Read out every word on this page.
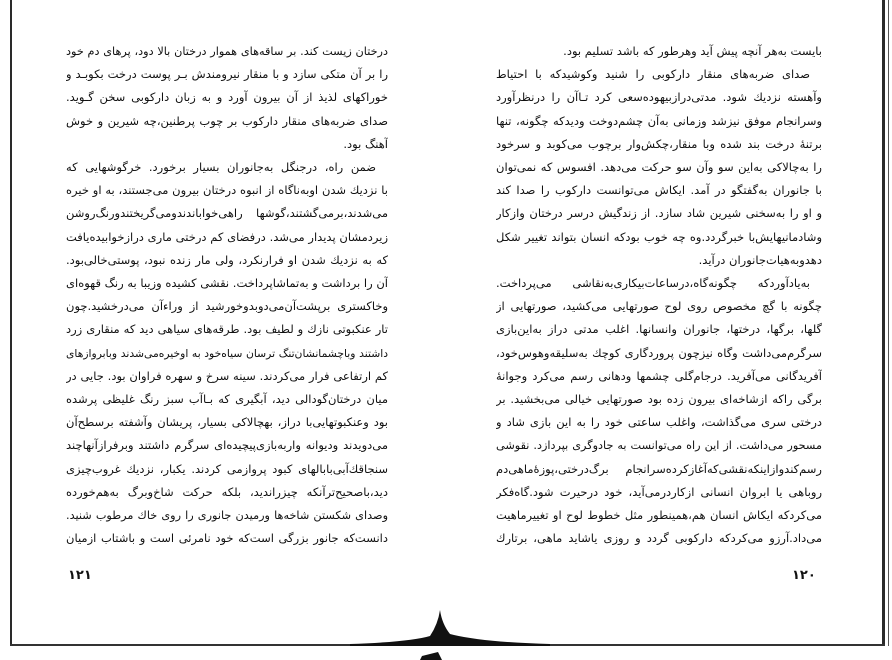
درختان زیست کند. بر ساقه‌های هموار درختان بالا دود، پرهای دم خود
را بر آن متکی سازد و با منقار نیرومندش بـر پوست درخت بکوبـد و
خوراکهای لذیذ از آن بیرون آورد و به زبان دارکوبی سخن گـوید.
صدای ضربه‌های منقار دارکوب بر چوب پرطنین،چه شیرین و خوش
آهنگ بود.
ضمن راه، درجنگل به‌جانوران بسیار برخورد. خرگوشهایی که
با نزدیك شدن اوبه‌ناگاه از انبوه درختان بیرون می‌جستند، به او خیره
می‌شدند،برمی‌گشتند،گوشها راهی‌خواباندندومی‌گریختندورنگ‌روشن
زیر‌دمشان پدیدار می‌شد. درفضای کم درختی ماری درازخوابیده‌یافت
که به نزدیك شدن او فرارنکرد، ولی مار زنده نبود، پوستی‌خالی‌بود.
آن را برداشت و به‌تماشاپرداخت. نقشی کشیده وزیبا به رنگ قهوه‌ای
وخاکستری برپشت‌آن‌می‌دوبدوخورشید از وراءآن می‌درخشید.چون
تار عنکبوتی نازك و لطیف بود. طرقه‌های سیاهی دید که منقاری زرد
داشتند وباچشمانشان‌تنگ ترسان سیاه‌خود به اوخیره‌می‌شدند وبابرو‌ازهای
کم ارتفاعی فرار می‌کردند. سینه سرخ و سهره فراوان بود. جایی در
میان درختان‌گودالی دید، آبگیری که بـاآب سبز رنگ غلیظی پرشده
بود وعنکبوتهایی‌با دراز، بهچالاکی بسیار، پریشان وآشفته برسطح‌آن
می‌دویدند ودیوانه واربه‌بازی‌پیچیده‌ای سرگرم داشتند وبرفرازآنهاچند
سنجاقك‌آبی‌بابالهای کبود پروازمی کردند. یکبار، نزدیك غروب‌چیزی
دید،باصحیح‌ترآنکه چیزراندید، بلکه حرکت شاخ‌وبرگ به‌هم‌خورده
وصدای شکستن شاخه‌ها ورمیدن جانوری را روی خاك مرطوب شنید.
دانست‌که جانور بزرگی است‌که خود نامرئی است و باشتاب ازمیان
بایست به‌هر آنچه پیش آید وهرطور که باشد تسلیم بود.
صدای ضربه‌های منقار دارکوبی را شنید وکوشیدکه با احتیاط
وآهسته نزدیك شود. مدتی‌درازبیهوده‌سعی کرد تـاآن را درنظرآورد
وسرانجام موفق نیزشد وزمانی به‌آن چشم‌دوخت وديدکه چگونه، تنها
برتنهٔ درخت بند شده وبا منقار،چکش‌وار برچوب می‌کوبد و سرخود
را به‌چالاکی به‌این سو وآن سو حرکت می‌دهد. افسوس که نمی‌توان
با جانوران به‌گفتگو در آمد. ایکاش می‌توانست دارکوب را صدا کند
و او را به‌سخنی شیرین شاد سازد. از زندگیش درسر درختان وازکار
وشادمانیهایش‌با خبر‌گردد.وه چه خوب بودکه انسان بتواند تغییر شکل
دهدوبه‌هیات‌جانوران درآید.
به‌یادآوردکه چگونه‌گاه،درساعات‌بیکاری‌به‌نقاشی می‌پرداخت.
چگونه با گچ مخصوص روی لوح صورتهایی می‌کشید، صورتهایی از
گلها، برگها، درختها، جانوران وانسانها. اغلب مدتی دراز به‌این‌بازی
سرگرم‌می‌داشت وگاه نیزچون پروردگاری کوچك به‌سلیقه‌وهوس‌خود،
آفریدگانی می‌آفرید. درجام‌گلی چشمها ودهانی رسم می‌کرد وجوانهٔ
برگی راکه ازشاخه‌ای بیرون زده بود صورتهایی خیالی می‌بخشید. بر
درختی سری می‌گذاشت، واغلب ساعتی خود را به این بازی شاد و
مسحور می‌داشت. از این راه می‌توانست به جادوگری بپردازد. نقوشی
رسم‌کندوازاینکه‌نقشی‌که‌آغازکرده‌سرانجام برگ‌درختی،پوزهٔ‌ماهی‌دم
روباهی یا ابروان انسانی ازکاردرمی‌آید، خود درحیرت شود.گاه‌فکر
می‌کردکه ایکاش انسان هم،همینطور مثل خطوط لوح او تغییرماهیت
می‌داد.آرزو می‌کردکه دارکوبی گردد و روزی یاشاید ماهی، برتارك
۱۲۱	۱۲۰
